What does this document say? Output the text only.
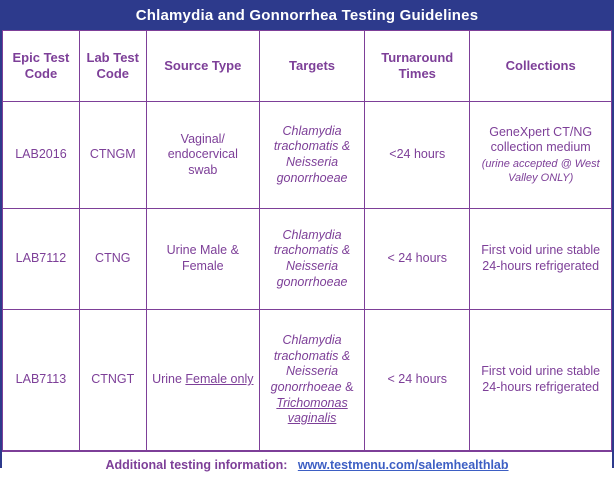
Chlamydia and Gonnorrhea Testing Guidelines
Epic Test Code	Lab Test Code	Source Type	Targets	Turnaround Times	Collections
LAB2016	CTNGM	Vaginal/ endocervical swab	Chlamydia trachomatis & Neisseria gonorrhoeae	<24 hours	GeneXpert CT/NG collection medium
(urine accepted @ West Valley ONLY)

LAB7112	CTNG	Urine Male & Female	Chlamydia trachomatis & Neisseria gonorrhoeae	< 24 hours	First void urine stable 24-hours refrigerated
LAB7113	CTNGT	Urine Female only	Chlamydia trachomatis & Neisseria gonorrhoeae & Trichomonas vaginalis	< 24 hours	First void urine stable 24-hours refrigerated
Additional testing information: www.testmenu.com/salemhealthlab
